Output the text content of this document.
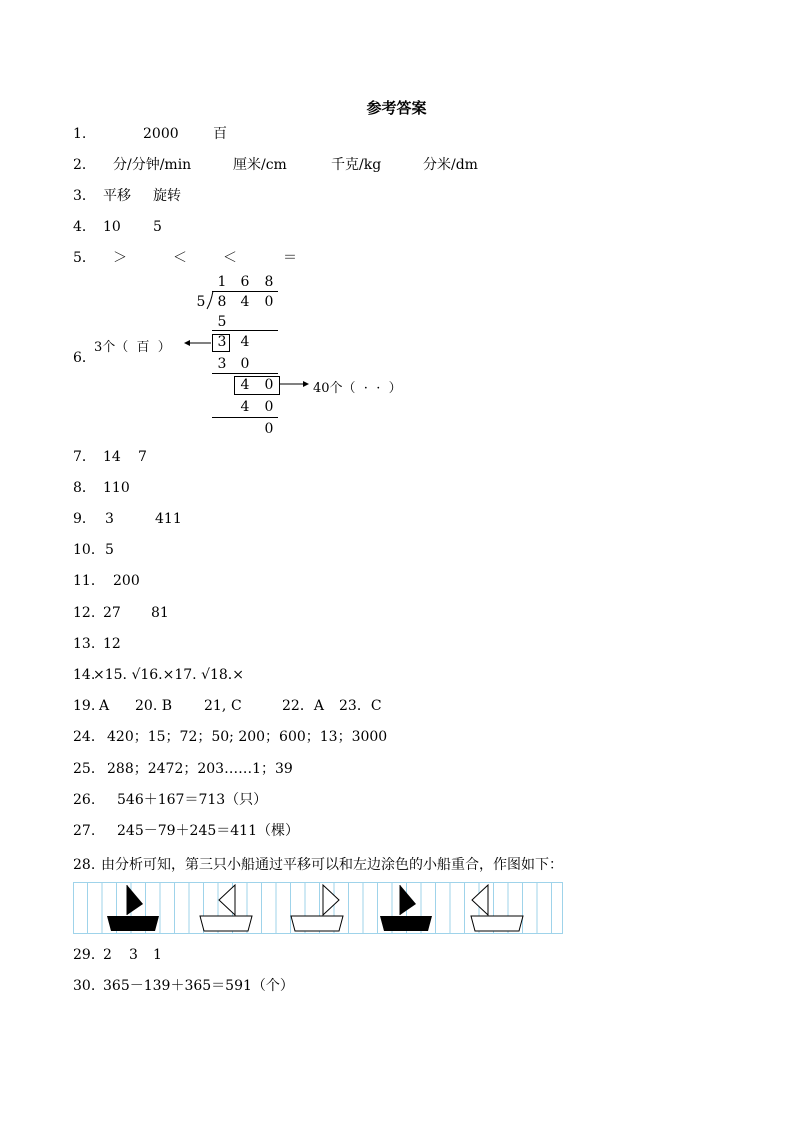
参考答案
1.	2000 百
2． 分/分钟/min	厘米/cm	千克/kg	分米/dm
3． 平移 旋转
4． 10 5
5． ＞	＜	＜	＝
6．
7． 14 7
8． 110
9． 3	411
10． 5
11． 200
12. 27 81
13. 12
14.
×15. √16.×17. √18.×
19. A 20. B 21, C	22．A 23．C
24． 420；15；72；50; 200；600；13；3000
25． 288；2472；203……1；39
26. 546＋167＝713（只）
27. 245－79＋245＝411（棵）
28. 由分析可知，第三只小船通过平移可以和左边涂色的小船重合，作图如下：
29．
2 3 1
30. 365－139＋365＝591（个）
1 6 8
5 8 4 0
5
3 4
3 0
4 0
4 0
0
3个（  百  ）
40个（  ·  ·  ）
